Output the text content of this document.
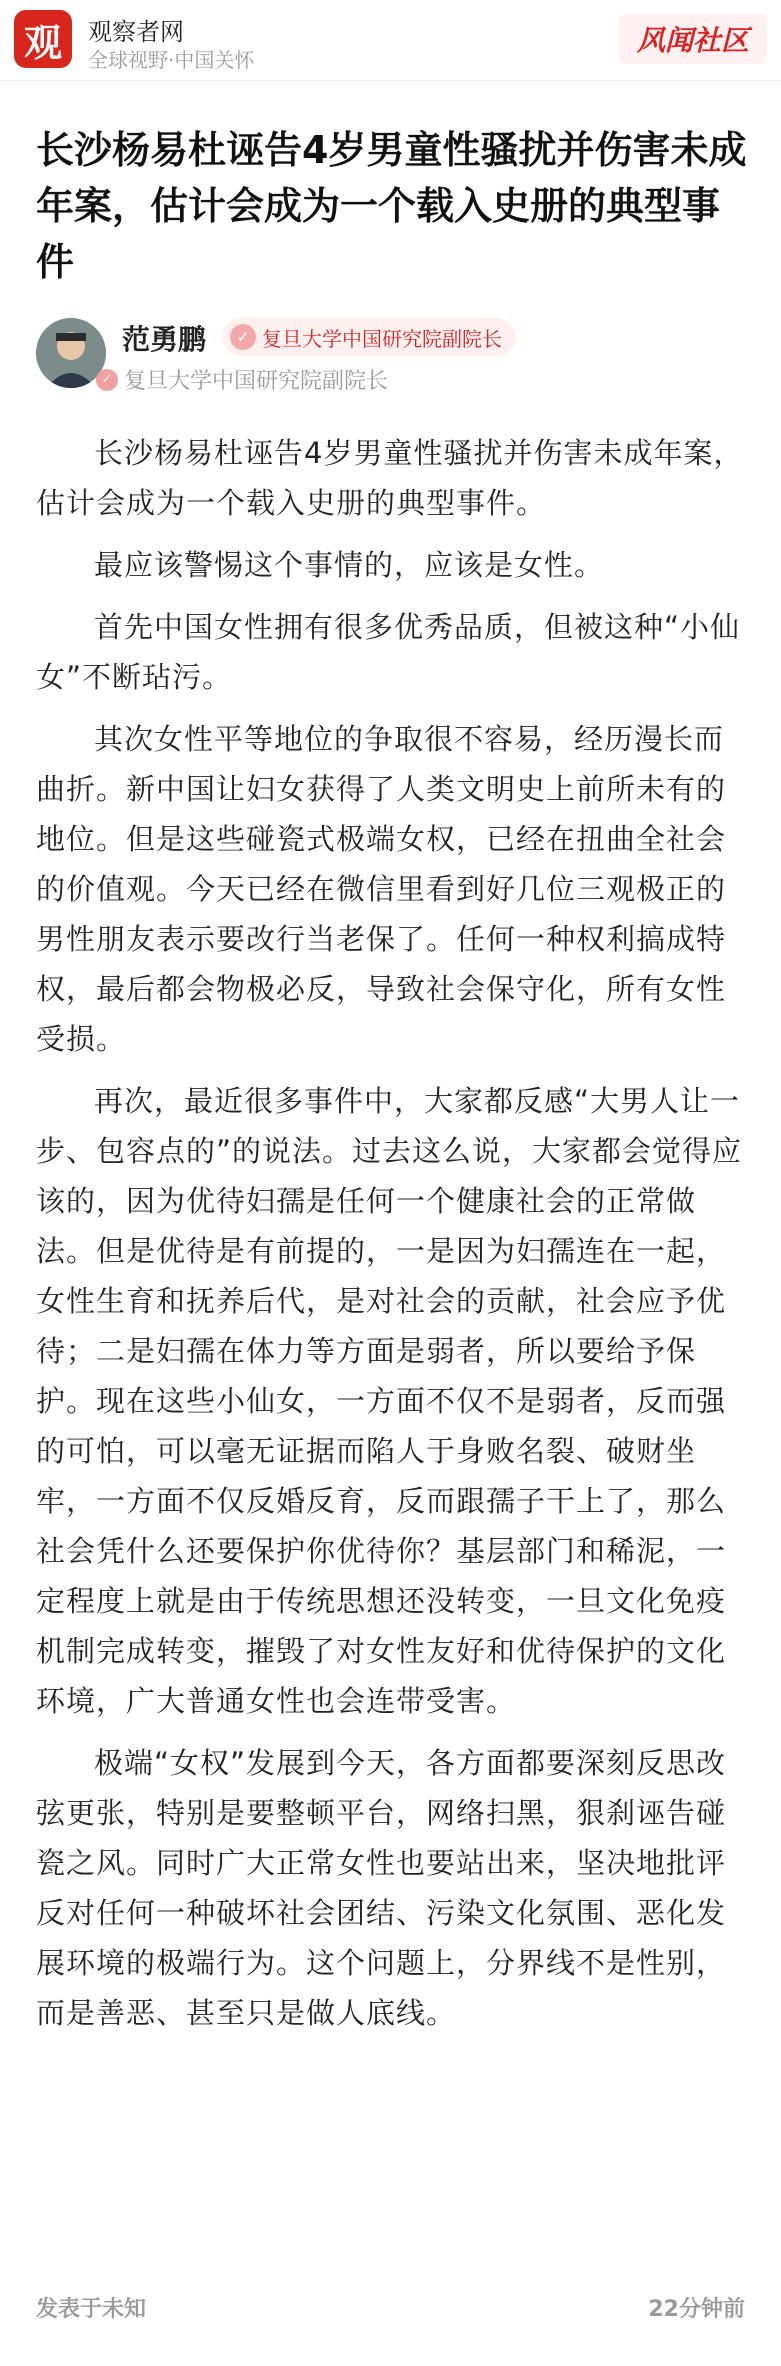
观	观察者网
全球视野·中国关怀
风闻社区
长沙杨易杜诬告4岁男童性骚扰并伤害未成年案，估计会成为一个载入史册的典型事件
范勇鹏	✓ 复旦大学中国研究院副院长
✓ 复旦大学中国研究院副院长

长沙杨易杜诬告4岁男童性骚扰并伤害未成年案，估计会成为一个载入史册的典型事件。

最应该警惕这个事情的，应该是女性。

首先中国女性拥有很多优秀品质，但被这种“小仙女”不断玷污。

其次女性平等地位的争取很不容易，经历漫长而曲折。新中国让妇女获得了人类文明史上前所未有的地位。但是这些碰瓷式极端女权，已经在扭曲全社会的价值观。今天已经在微信里看到好几位三观极正的男性朋友表示要改行当老保了。任何一种权利搞成特权，最后都会物极必反，导致社会保守化，所有女性受损。

再次，最近很多事件中，大家都反感“大男人让一步、包容点的”的说法。过去这么说，大家都会觉得应该的，因为优待妇孺是任何一个健康社会的正常做法。但是优待是有前提的，一是因为妇孺连在一起，女性生育和抚养后代，是对社会的贡献，社会应予优待；二是妇孺在体力等方面是弱者，所以要给予保护。现在这些小仙女，一方面不仅不是弱者，反而强的可怕，可以毫无证据而陷人于身败名裂、破财坐牢，一方面不仅反婚反育，反而跟孺子干上了，那么社会凭什么还要保护你优待你？基层部门和稀泥，一定程度上就是由于传统思想还没转变，一旦文化免疫机制完成转变，摧毁了对女性友好和优待保护的文化环境，广大普通女性也会连带受害。

极端“女权”发展到今天，各方面都要深刻反思改弦更张，特别是要整顿平台，网络扫黑，狠刹诬告碰瓷之风。同时广大正常女性也要站出来，坚决地批评反对任何一种破坏社会团结、污染文化氛围、恶化发展环境的极端行为。这个问题上，分界线不是性别，而是善恶、甚至只是做人底线。

发表于未知	22分钟前
